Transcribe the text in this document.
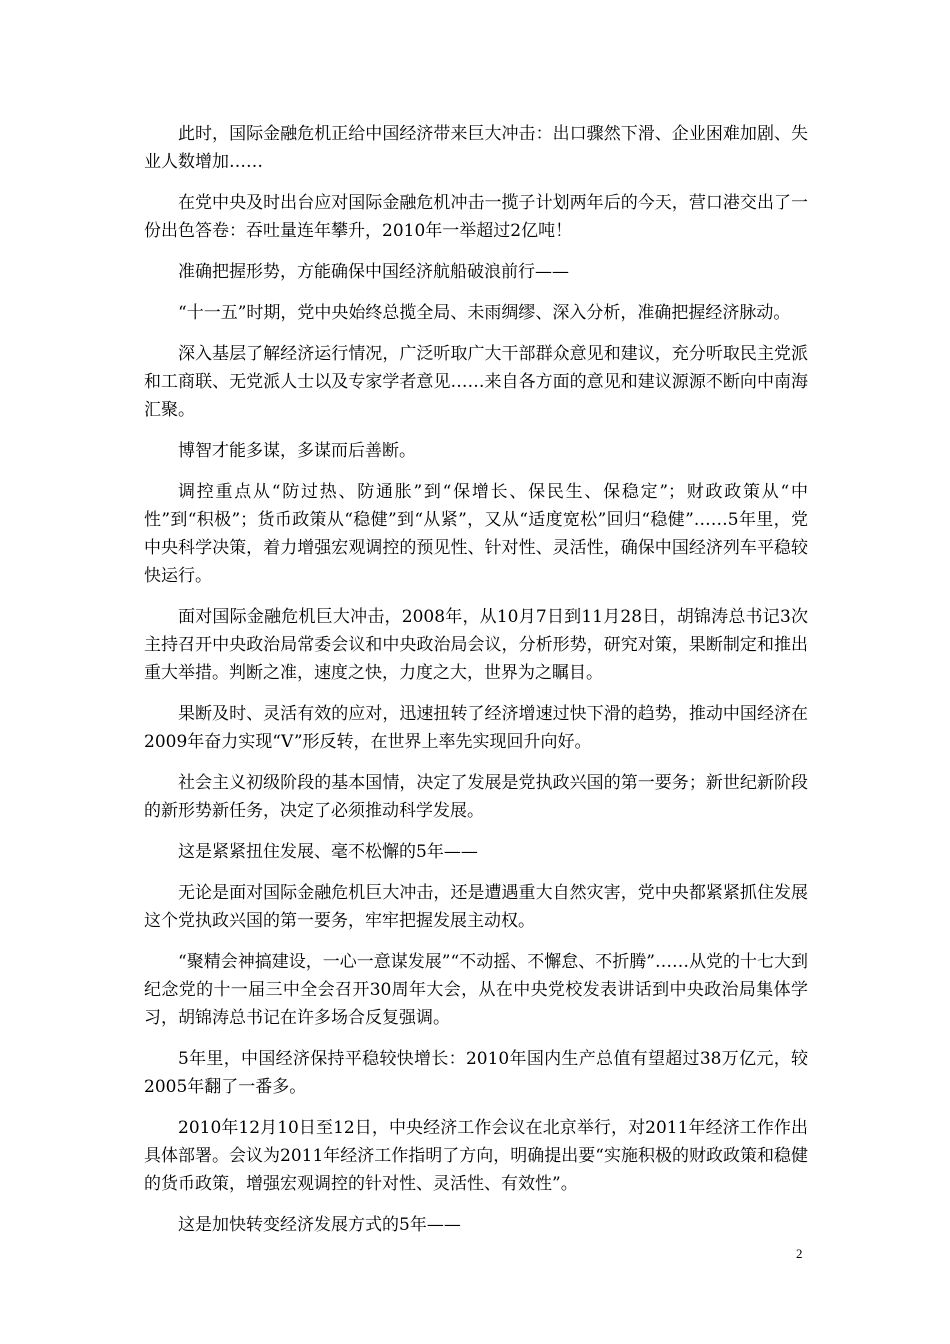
此时，国际金融危机正给中国经济带来巨大冲击：出口骤然下滑、企业困难加剧、失业人数增加……

在党中央及时出台应对国际金融危机冲击一揽子计划两年后的今天，营口港交出了一份出色答卷：吞吐量连年攀升，2010年一举超过2亿吨！

准确把握形势，方能确保中国经济航船破浪前行——

“十一五”时期，党中央始终总揽全局、未雨绸缪、深入分析，准确把握经济脉动。

深入基层了解经济运行情况，广泛听取广大干部群众意见和建议，充分听取民主党派和工商联、无党派人士以及专家学者意见……来自各方面的意见和建议源源不断向中南海汇聚。

博智才能多谋，多谋而后善断。

调控重点从“防过热、防通胀”到“保增长、保民生、保稳定”；财政政策从“中性”到“积极”；货币政策从“稳健”到“从紧”，又从“适度宽松”回归“稳健”……5年里，党中央科学决策，着力增强宏观调控的预见性、针对性、灵活性，确保中国经济列车平稳较快运行。

面对国际金融危机巨大冲击，2008年，从10月7日到11月28日，胡锦涛总书记3次主持召开中央政治局常委会议和中央政治局会议，分析形势，研究对策，果断制定和推出重大举措。判断之准，速度之快，力度之大，世界为之瞩目。

果断及时、灵活有效的应对，迅速扭转了经济增速过快下滑的趋势，推动中国经济在2009年奋力实现“V”形反转，在世界上率先实现回升向好。

社会主义初级阶段的基本国情，决定了发展是党执政兴国的第一要务；新世纪新阶段的新形势新任务，决定了必须推动科学发展。

这是紧紧扭住发展、毫不松懈的5年——

无论是面对国际金融危机巨大冲击，还是遭遇重大自然灾害，党中央都紧紧抓住发展这个党执政兴国的第一要务，牢牢把握发展主动权。

“聚精会神搞建设，一心一意谋发展”“不动摇、不懈怠、不折腾”……从党的十七大到纪念党的十一届三中全会召开30周年大会，从在中央党校发表讲话到中央政治局集体学习，胡锦涛总书记在许多场合反复强调。

5年里，中国经济保持平稳较快增长：2010年国内生产总值有望超过38万亿元，较2005年翻了一番多。

2010年12月10日至12日，中央经济工作会议在北京举行，对2011年经济工作作出具体部署。会议为2011年经济工作指明了方向，明确提出要“实施积极的财政政策和稳健的货币政策，增强宏观调控的针对性、灵活性、有效性”。

这是加快转变经济发展方式的5年——

2
